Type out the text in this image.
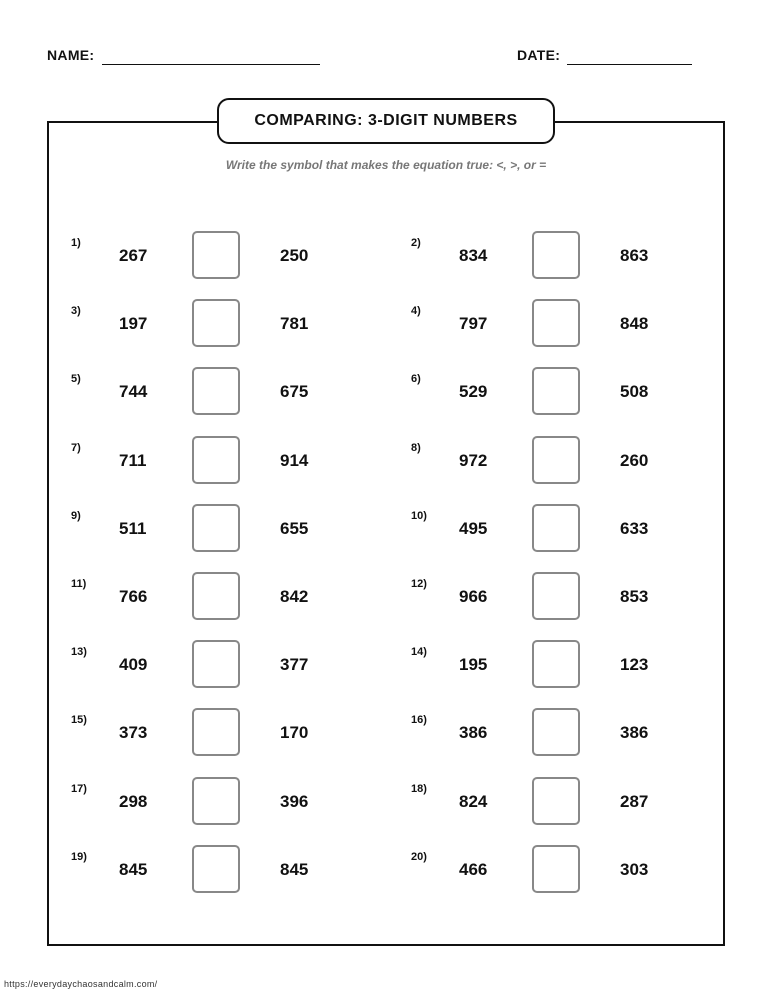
NAME:	DATE:
COMPARING: 3-DIGIT NUMBERS
Write the symbol that makes the equation true: <, >, or =
1)
267	250
2)
834	863
3)
197	781
4)
797	848
5)
744	675
6)
529	508
7)
711	914
8)
972	260
9)
511	655
10)
495	633
11)
766	842
12)
966	853
13)
409	377
14)
195	123
15)
373	170
16)
386	386
17)
298	396
18)
824	287
19)
845	845
20)
466	303
https://everydaychaosandcalm.com/
